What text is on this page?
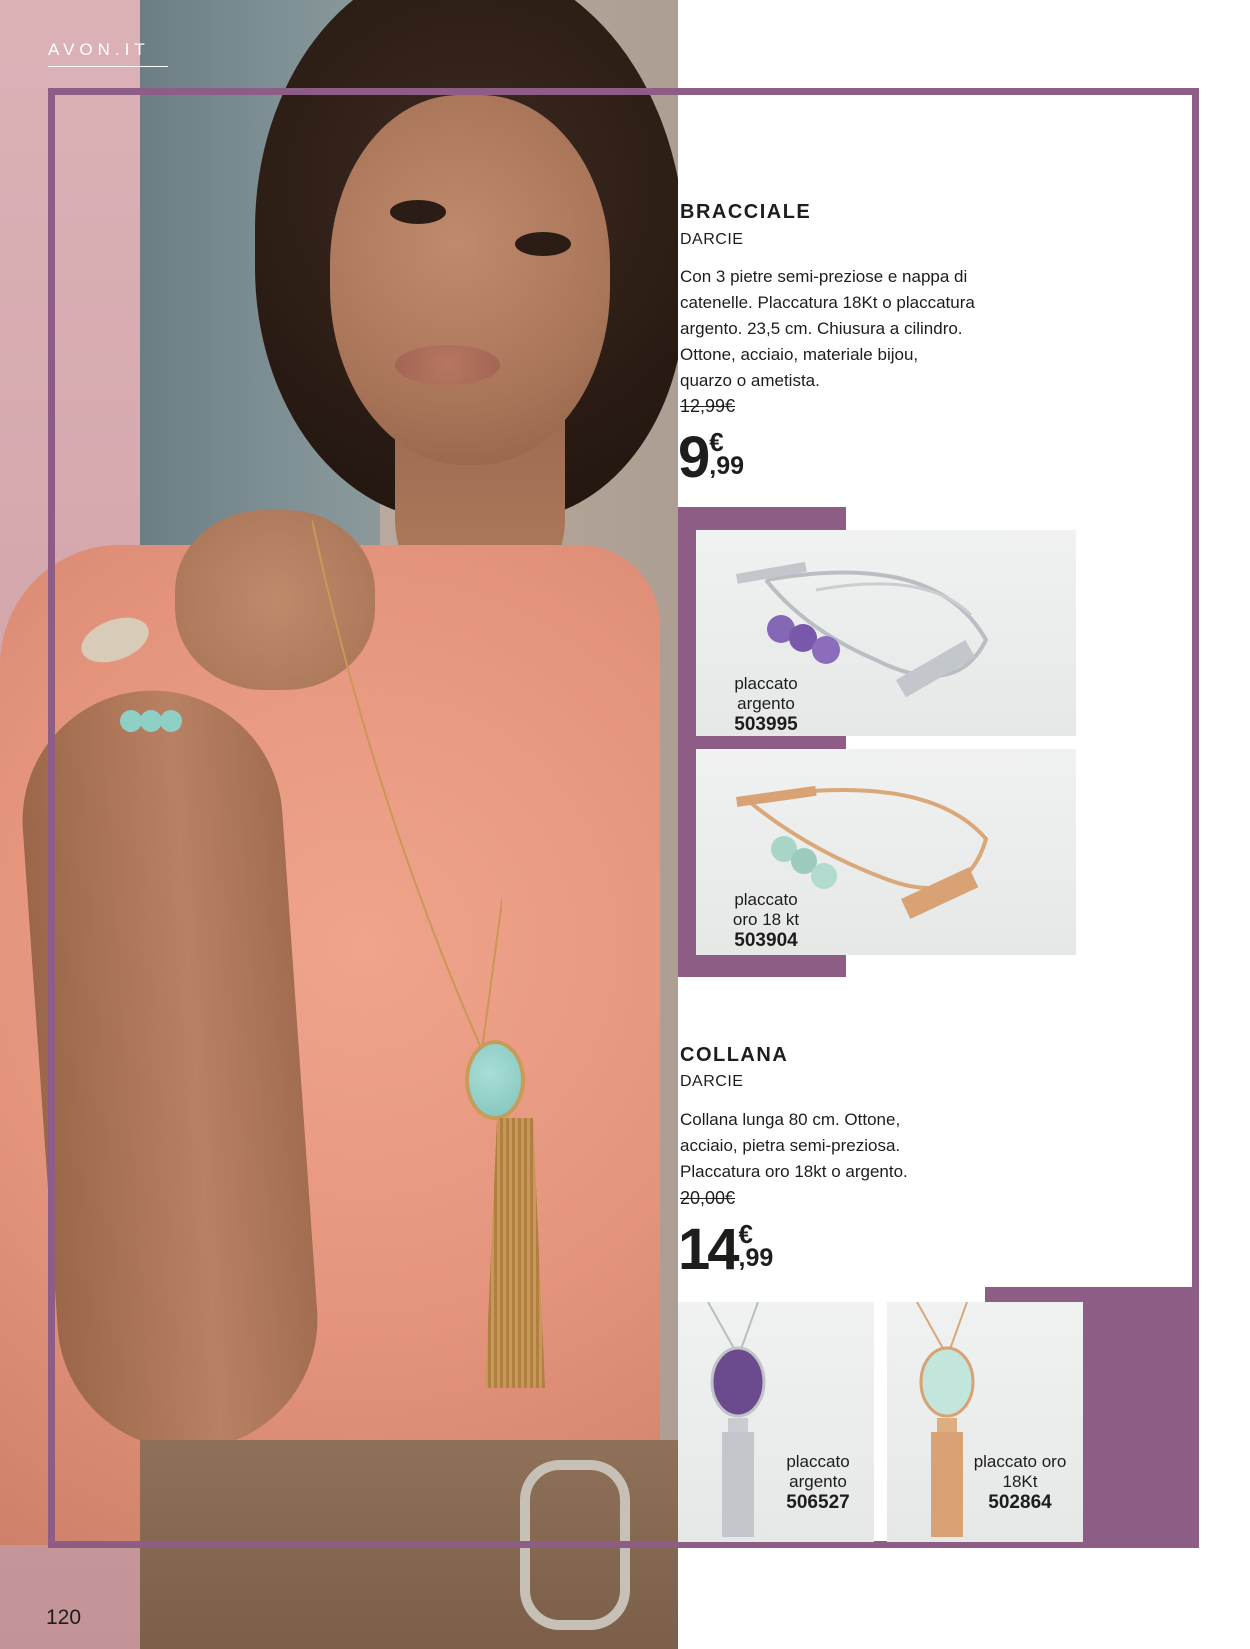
AVON.IT
BRACCIALE
DARCIE
Con 3 pietre semi-preziose e nappa di
catenelle. Placcatura 18Kt o placcatura
argento. 23,5 cm. Chiusura a cilindro.
Ottone, acciaio, materiale bijou,
quarzo o ametista.
12,99€
9 €
,99
placcato
argento
503995
placcato
oro 18 kt
503904
COLLANA
DARCIE
Collana lunga 80 cm. Ottone,
acciaio, pietra semi-preziosa.
Placcatura oro 18kt o argento.
20,00€
14 €
,99
placcato
argento
506527
placcato oro
18Kt
502864
120
